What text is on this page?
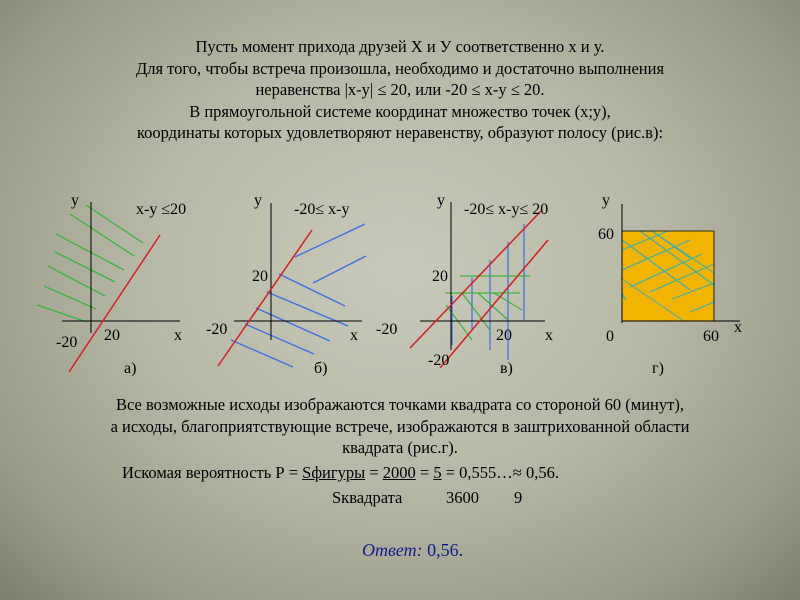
Пусть момент прихода друзей Х и У соответственно х и у.
Для того, чтобы встреча произошла, необходимо и достаточно выполнения
неравенства |х-у| ≤ 20, или -20 ≤ х-у ≤ 20.
В прямоугольной системе координат множество точек (х;у),
координаты которых удовлетворяют неравенству, образуют полосу (рис.в):
у
х-у ≤20
20
-20	х
а)
у
-20≤ х-у
20
-20	х
б)
у
-20≤ х-у≤ 20
20
20
-20
-20
х
в)
у
60
0	60
х
г)
Все возможные исходы изображаются точками квадрата со стороной 60 (минут),
а исходы, благоприятствующие встрече, изображаются в заштрихованной области
квадрата (рис.г).
Искомая вероятность Р = Sфигуры = 2000 = 5 = 0,555…≈ 0,56.
Sквадрата	3600 9
Ответ: 0,56.
